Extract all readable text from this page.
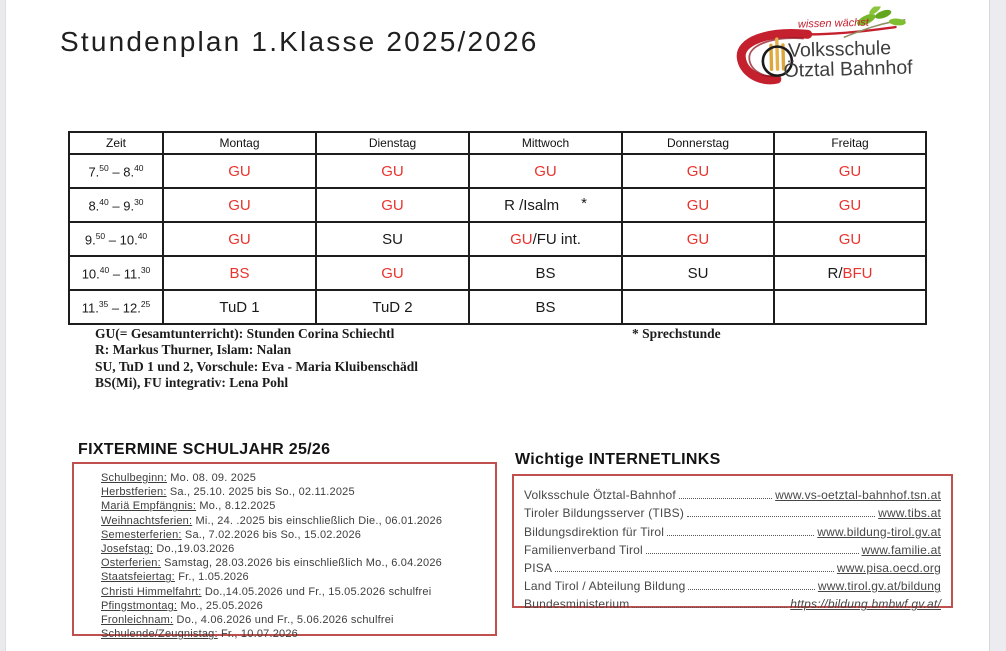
Stundenplan 1.Klasse 2025/2026
wissen wächst
Volksschule
Ötztal Bahnhof
Zeit	Montag	Dienstag	Mittwoch	Donnerstag	Freitag
7.50 – 8.40	GU	GU	GU	GU	GU
8.40 – 9.30	GU	GU	R /Isalm *	GU	GU
9.50 – 10.40	GU	SU	GU/FU int.	GU	GU
10.40 – 11.30	BS	GU	BS	SU	R/BFU
11.35 – 12.25	TuD 1	TuD 2	BS		
GU(= Gesamtunterricht): Stunden Corina Schiechtl
R: Markus Thurner, Islam: Nalan
SU, TuD 1 und 2, Vorschule: Eva - Maria Kluibenschädl
BS(Mi), FU integrativ: Lena Pohl
* Sprechstunde
FIXTERMINE SCHULJAHR 25/26
Schulbeginn: Mo. 08. 09. 2025
Herbstferien: Sa., 25.10. 2025 bis So., 02.11.2025
Mariä Empfängnis: Mo., 8.12.2025
Weihnachtsferien: Mi., 24. .2025 bis einschließlich Die., 06.01.2026
Semesterferien: Sa., 7.02.2026 bis So., 15.02.2026
Josefstag: Do.,19.03.2026
Osterferien: Samstag, 28.03.2026 bis einschließlich Mo., 6.04.2026
Staatsfeiertag: Fr., 1.05.2026
Christi Himmelfahrt: Do.,14.05.2026 und Fr., 15.05.2026 schulfrei
Pfingstmontag: Mo., 25.05.2026
Fronleichnam: Do., 4.06.2026 und Fr., 5.06.2026 schulfrei
Schulende/Zeugnistag: Fr., 10.07.2026
Wichtige INTERNETLINKS
Volksschule Ötztal-Bahnhof	www.vs-oetztal-bahnhof.tsn.at
Tiroler Bildungsserver (TIBS)	www.tibs.at
Bildungsdirektion für Tirol	www.bildung-tirol.gv.at
Familienverband Tirol	www.familie.at
PISA	www.pisa.oecd.org
Land Tirol / Abteilung Bildung	www.tirol.gv.at/bildung
Bundesministerium	https://bildung.bmbwf.gv.at/
